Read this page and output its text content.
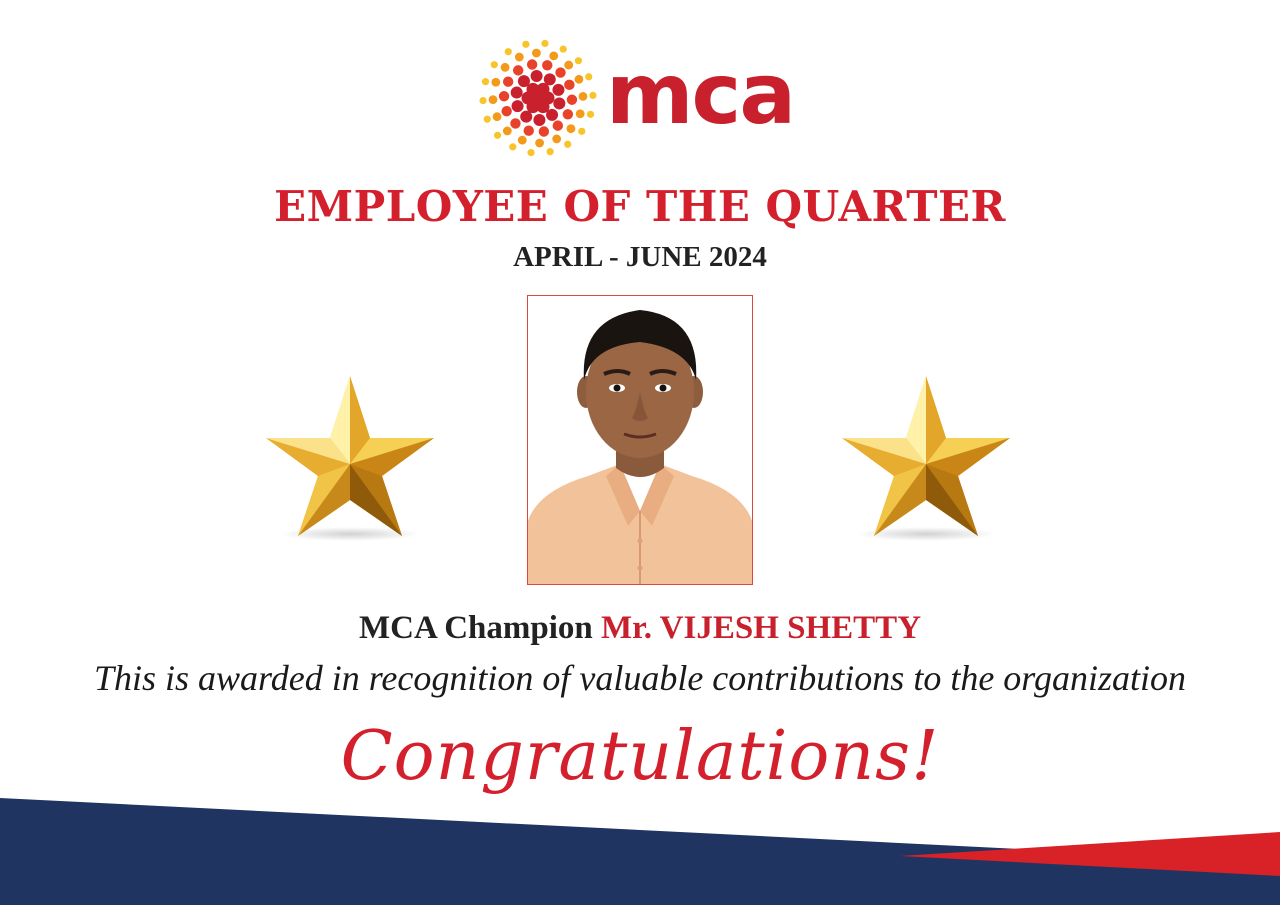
mca
EMPLOYEE OF THE QUARTER
APRIL - JUNE 2024
MCA Champion Mr. VIJESH SHETTY
This is awarded in recognition of valuable contributions to the organization
Congratulations!
